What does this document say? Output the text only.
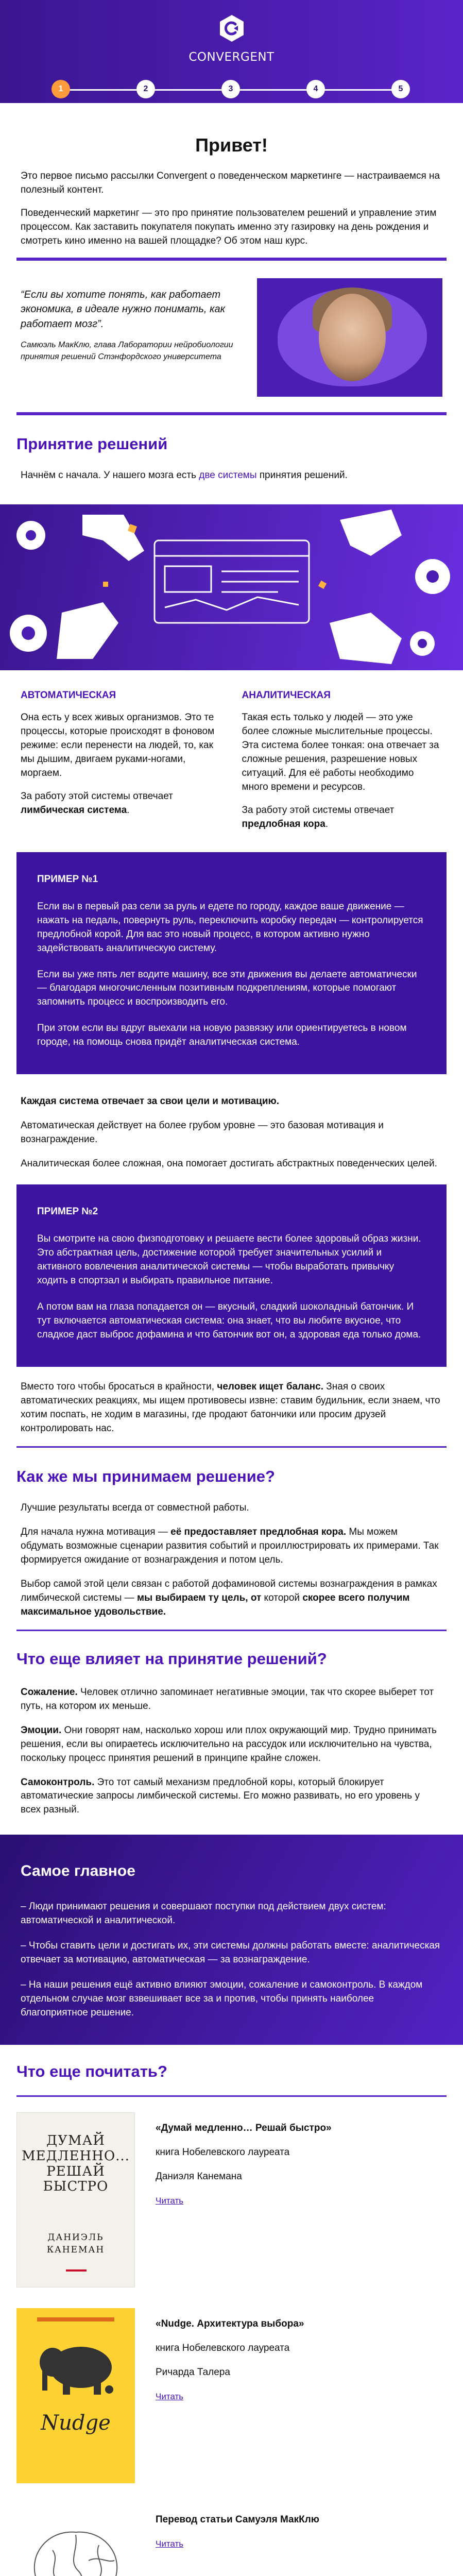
CONVERGENT
1	2	3	4	5
Привет!

Это первое письмо рассылки Convergent о поведенческом маркетинге — настраиваемся на полезный контент.

Поведенческий маркетинг — это про принятие пользователем решений и управление этим процессом. Как заставить покупателя покупать именно эту газировку на день рождения и смотреть кино именно на вашей площадке? Об этом наш курс.

“Если вы хотите понять, как работает экономика, в идеале нужно понимать, как работает мозг”.

Самюэль МакКлю, глава Лаборатории нейробиологии принятия решений Стэнфордского университета

Принятие решений

Начнём с начала. У нашего мозга есть две системы принятия решений.

АВТОМАТИЧЕСКАЯ

Она есть у всех живых организмов. Это те процессы, которые происходят в фоновом режиме: если перенести на людей, то, как мы дышим, двигаем руками-ногами, моргаем.

За работу этой системы отвечает лимбическая система.

АНАЛИТИЧЕСКАЯ

Такая есть только у людей — это уже более сложные мыслительные процессы. Эта система более тонкая: она отвечает за сложные решения, разрешение новых ситуаций. Для её работы необходимо много времени и ресурсов.

За работу этой системы отвечает предлобная кора.

ПРИМЕР №1

Если вы в первый раз сели за руль и едете по городу, каждое ваше движение — нажать на педаль, повернуть руль, переключить коробку передач — контролируется предлобной корой. Для вас это новый процесс, в котором активно нужно задействовать аналитическую систему.

Если вы уже пять лет водите машину, все эти движения вы делаете автоматически — благодаря многочисленным позитивным подкреплениям, которые помогают запомнить процесс и воспроизводить его.

При этом если вы вдруг выехали на новую развязку или ориентируетесь в новом городе, на помощь снова придёт аналитическая система.

Каждая система отвечает за свои цели и мотивацию.

Автоматическая действует на более грубом уровне — это базовая мотивация и вознаграждение.

Аналитическая более сложная, она помогает достигать абстрактных поведенческих целей.

ПРИМЕР №2

Вы смотрите на свою физподготовку и решаете вести более здоровый образ жизни. Это абстрактная цель, достижение которой требует значительных усилий и активного вовлечения аналитической системы — чтобы выработать привычку ходить в спортзал и выбирать правильное питание.

А потом вам на глаза попадается он — вкусный, сладкий шоколадный батончик. И тут включается автоматическая система: она знает, что вы любите вкусное, что сладкое даст выброс дофамина и что батончик вот он, а здоровая еда только дома.

Вместо того чтобы бросаться в крайности, человек ищет баланс. Зная о своих автоматических реакциях, мы ищем противовесы извне: ставим будильник, если знаем, что хотим поспать, не ходим в магазины, где продают батончики или просим друзей контролировать нас.

Как же мы принимаем решение?

Лучшие результаты всегда от совместной работы.

Для начала нужна мотивация — её предоставляет предлобная кора. Мы можем обдумать возможные сценарии развития событий и проиллюстрировать их примерами. Так формируется ожидание от вознаграждения и потом цель.

Выбор самой этой цели связан с работой дофаминовой системы вознаграждения в рамках лимбической системы — мы выбираем ту цель, от которой скорее всего получим максимальное удовольствие.

Что еще влияет на принятие решений?

Сожаление. Человек отлично запоминает негативные эмоции, так что скорее выберет тот путь, на котором их меньше.

Эмоции. Они говорят нам, насколько хорош или плох окружающий мир. Трудно принимать решения, если вы опираетесь исключительно на рассудок или исключительно на чувства, поскольку процесс принятия решений в принципе крайне сложен.

Самоконтроль. Это тот самый механизм предлобной коры, который блокирует автоматические запросы лимбической системы. Его можно развивать, но его уровень у всех разный.

Самое главное

– Люди принимают решения и совершают поступки под действием двух систем: автоматической и аналитической.

– Чтобы ставить цели и достигать их, эти системы должны работать вместе: аналитическая отвечает за мотивацию, автоматическая — за вознаграждение.

– На наши решения ещё активно влияют эмоции, сожаление и самоконтроль. В каждом отдельном случае мозг взвешивает все за и против, чтобы принять наиболее благоприятное решение.

Что еще почитать?
ДУМАЙ
МЕДЛЕННО...
РЕШАЙ
БЫСТРО
ДАНИЭЛЬ КАНЕМАН

«Думай медленно… Решай быстро»

книга Нобелевского лауреата

Даниэля Канемана

Читать
Nudge

«Nudge. Архитектура выбора»

книга Нобелевского лауреата

Ричарда Талера

Читать

Перевод статьи Самуэля МакКлю

Читать
